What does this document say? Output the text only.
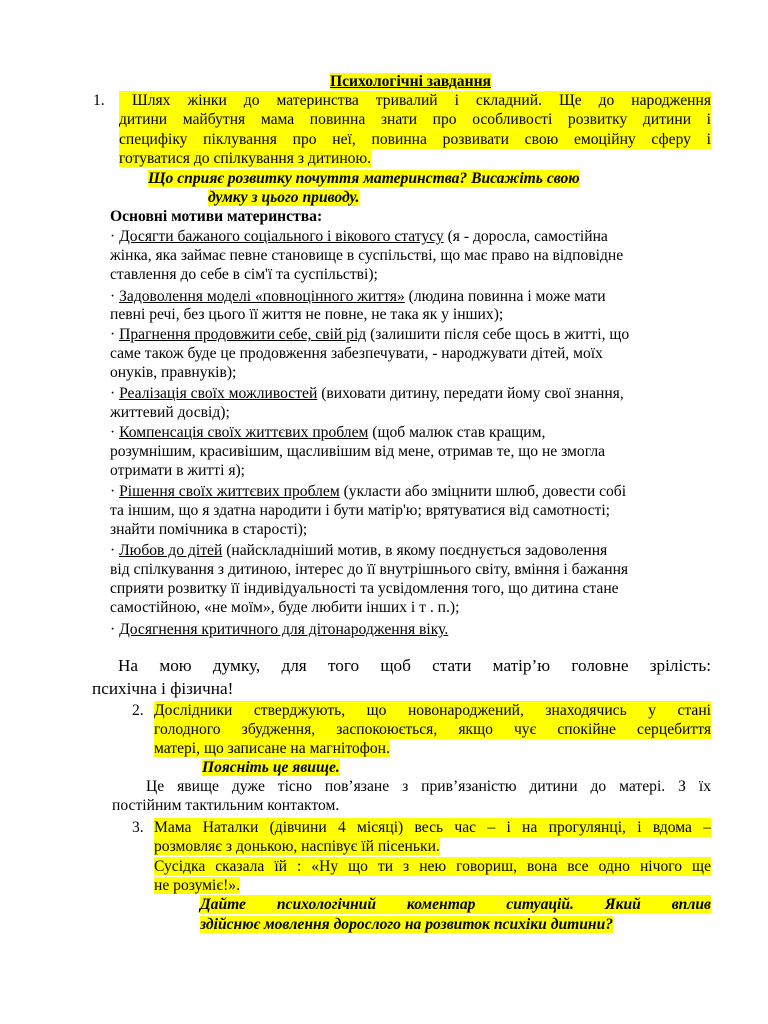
Психологічні завдання
1.	Шлях жінки до материнства тривалий і складний. Ще до народження
дитини майбутня мама повинна знати про особливості розвитку дитини і
специфіку піклування про неї, повинна розвивати свою емоційну сферу і
готуватися до спілкування з дитиною.
Що сприяє розвитку почуття материнства? Висажіть свою
думку з цього приводу.
Основні мотиви материнства:
· Досягти бажаного соціального і вікового статусу (я - доросла, самостійна
жінка, яка займає певне становище в суспільстві, що має право на відповідне
ставлення до себе в сім'ї та суспільстві);
· Задоволення моделі «повноцінного життя» (людина повинна і може мати
певні речі, без цього її життя не повне, не така як у інших);
· Прагнення продовжити себе, свій рід (залишити після себе щось в житті, що
саме також буде це продовження забезпечувати, - народжувати дітей, моїх
онуків, правнуків);
· Реалізація своїх можливостей (виховати дитину, передати йому свої знання,
життевий досвід);
· Компенсація своїх життєвих проблем (щоб малюк став кращим,
розумнішим, красивішим, щасливішим від мене, отримав те, що не змогла
отримати в житті я);
· Рішення своїх життєвих проблем (укласти або зміцнити шлюб, довести собі
та іншим, що я здатна народити і бути матір'ю; врятуватися від самотності;
знайти помічника в старості);
· Любов до дітей (найскладніший мотив, в якому поєднується задоволення
від спілкування з дитиною, інтерес до її внутрішнього світу, вміння і бажання
сприяти розвитку її індивідуальності та усвідомлення того, що дитина стане
самостійною, «не моїм», буде любити інших і т . п.);
· Досягнення критичного для дітонародження віку.
На мою думку, для того щоб стати матір’ю головне зрілість:
психічна і фізична!
2. Дослідники стверджують, що новонароджений, знаходячись у стані
голодного збудження, заспокоюється, якщо чує спокійне серцебиття
матері, що записане на магнітофон.
Поясніть це явище.
Це явище дуже тісно пов’язане з прив’язаністю дитини до матері. З їх
постійним тактильним контактом.
3. Мама Наталки (дівчини 4 місяці) весь час – і на прогулянці, і вдома –
розмовляє з донькою, наспівує їй пісеньки.
Сусідка сказала їй : «Ну що ти з нею говориш, вона все одно нічого ще
не розуміє!».
Дайте психологічний коментар ситуацій. Який вплив
здійснює мовлення дорослого на розвиток психіки дитини?
